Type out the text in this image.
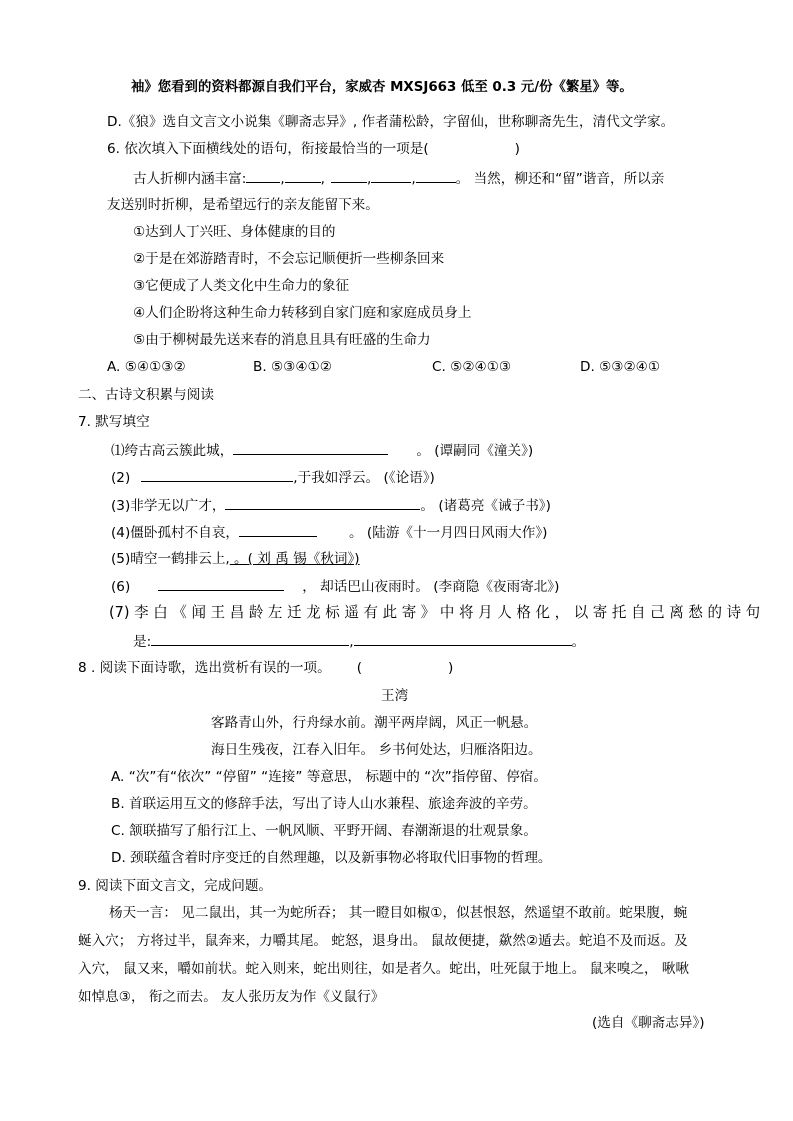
袖》您看到的资料都源自我们平台，家威杏 MXSJ663 低至 0.3 元/份《繁星》等。
D.《狼》选自文言文小说集《聊斋志异》, 作者蒲松龄，字留仙，世称聊斋先生，清代文学家。
6. 依次填入下面横线处的语句，衔接最恰当的一项是(	)
古人折柳内涵丰富:	,	,	,	,	。 当然，柳还和“留”谐音，所以亲
友送别时折柳，是希望远行的亲友能留下来。
①达到人丁兴旺、身体健康的目的
②于是在郊游踏青时，不会忘记顺便折一些柳条回来
③它便成了人类文化中生命力的象征
④人们企盼将这种生命力转移到自家门庭和家庭成员身上
⑤由于柳树最先送来春的消息且具有旺盛的生命力
A. ⑤④①③②	B. ⑤③④①②	C. ⑤②④①③	D. ⑤③②④①
二、古诗文积累与阅读
7. 默写填空
⑴绔古高云簇此城，	。 (谭嗣同《潼关》)
(2)	,于我如浮云。 (《论语》)
(3)非学无以广才，	。 (诸葛亮《诫子书》)
(4)僵卧孤村不自哀，	。 (陆游《十一月四日风雨大作》)
(5)晴空一鹤排云上, 。( 刘 禹 锡《秋词》)
(6)	， 却话巴山夜雨时。 (李商隐《夜雨寄北》)
(7) 李 白 《 闻 王 昌 龄 左 迁 龙 标 遥 有 此 寄 》 中 将 月 人 格 化 ， 以 寄 托 自 己 离 愁 的 诗 句
是:	,	。
8 . 阅读下面诗歌，选出赏析有误的一项。 (	)
王湾
客路青山外，行舟绿水前。潮平两岸阔，风正一帆悬。
海日生残夜，江春入旧年。 乡书何处达，归雁洛阳边。
A. “次”有“依次” “停留” “连接” 等意思， 标题中的 “次”指停留、停宿。
B. 首联运用互文的修辞手法，写出了诗人山水兼程、旅途奔波的辛劳。
C. 颔联描写了船行江上、一帆风顺、平野开阔、春潮渐退的壮观景象。
D. 颈联蕴含着时序变迁的自然理趣，以及新事物必将取代旧事物的哲理。
9. 阅读下面文言文，完成问题。
杨天一言： 见二鼠出，其一为蛇所吞； 其一瞪目如椒①，似甚恨怒，然遥望不敢前。蛇果腹，蜿
蜒入穴； 方将过半，鼠奔来，力嚼其尾。 蛇怒，退身出。 鼠故便捷，歘然②遁去。蛇追不及而返。及
入穴， 鼠又来，嚼如前状。蛇入则来，蛇出则往，如是者久。蛇出，吐死鼠于地上。 鼠来嗅之， 啾啾
如悼息③， 衔之而去。 友人张历友为作《义鼠行》
(选自《聊斋志异》)
